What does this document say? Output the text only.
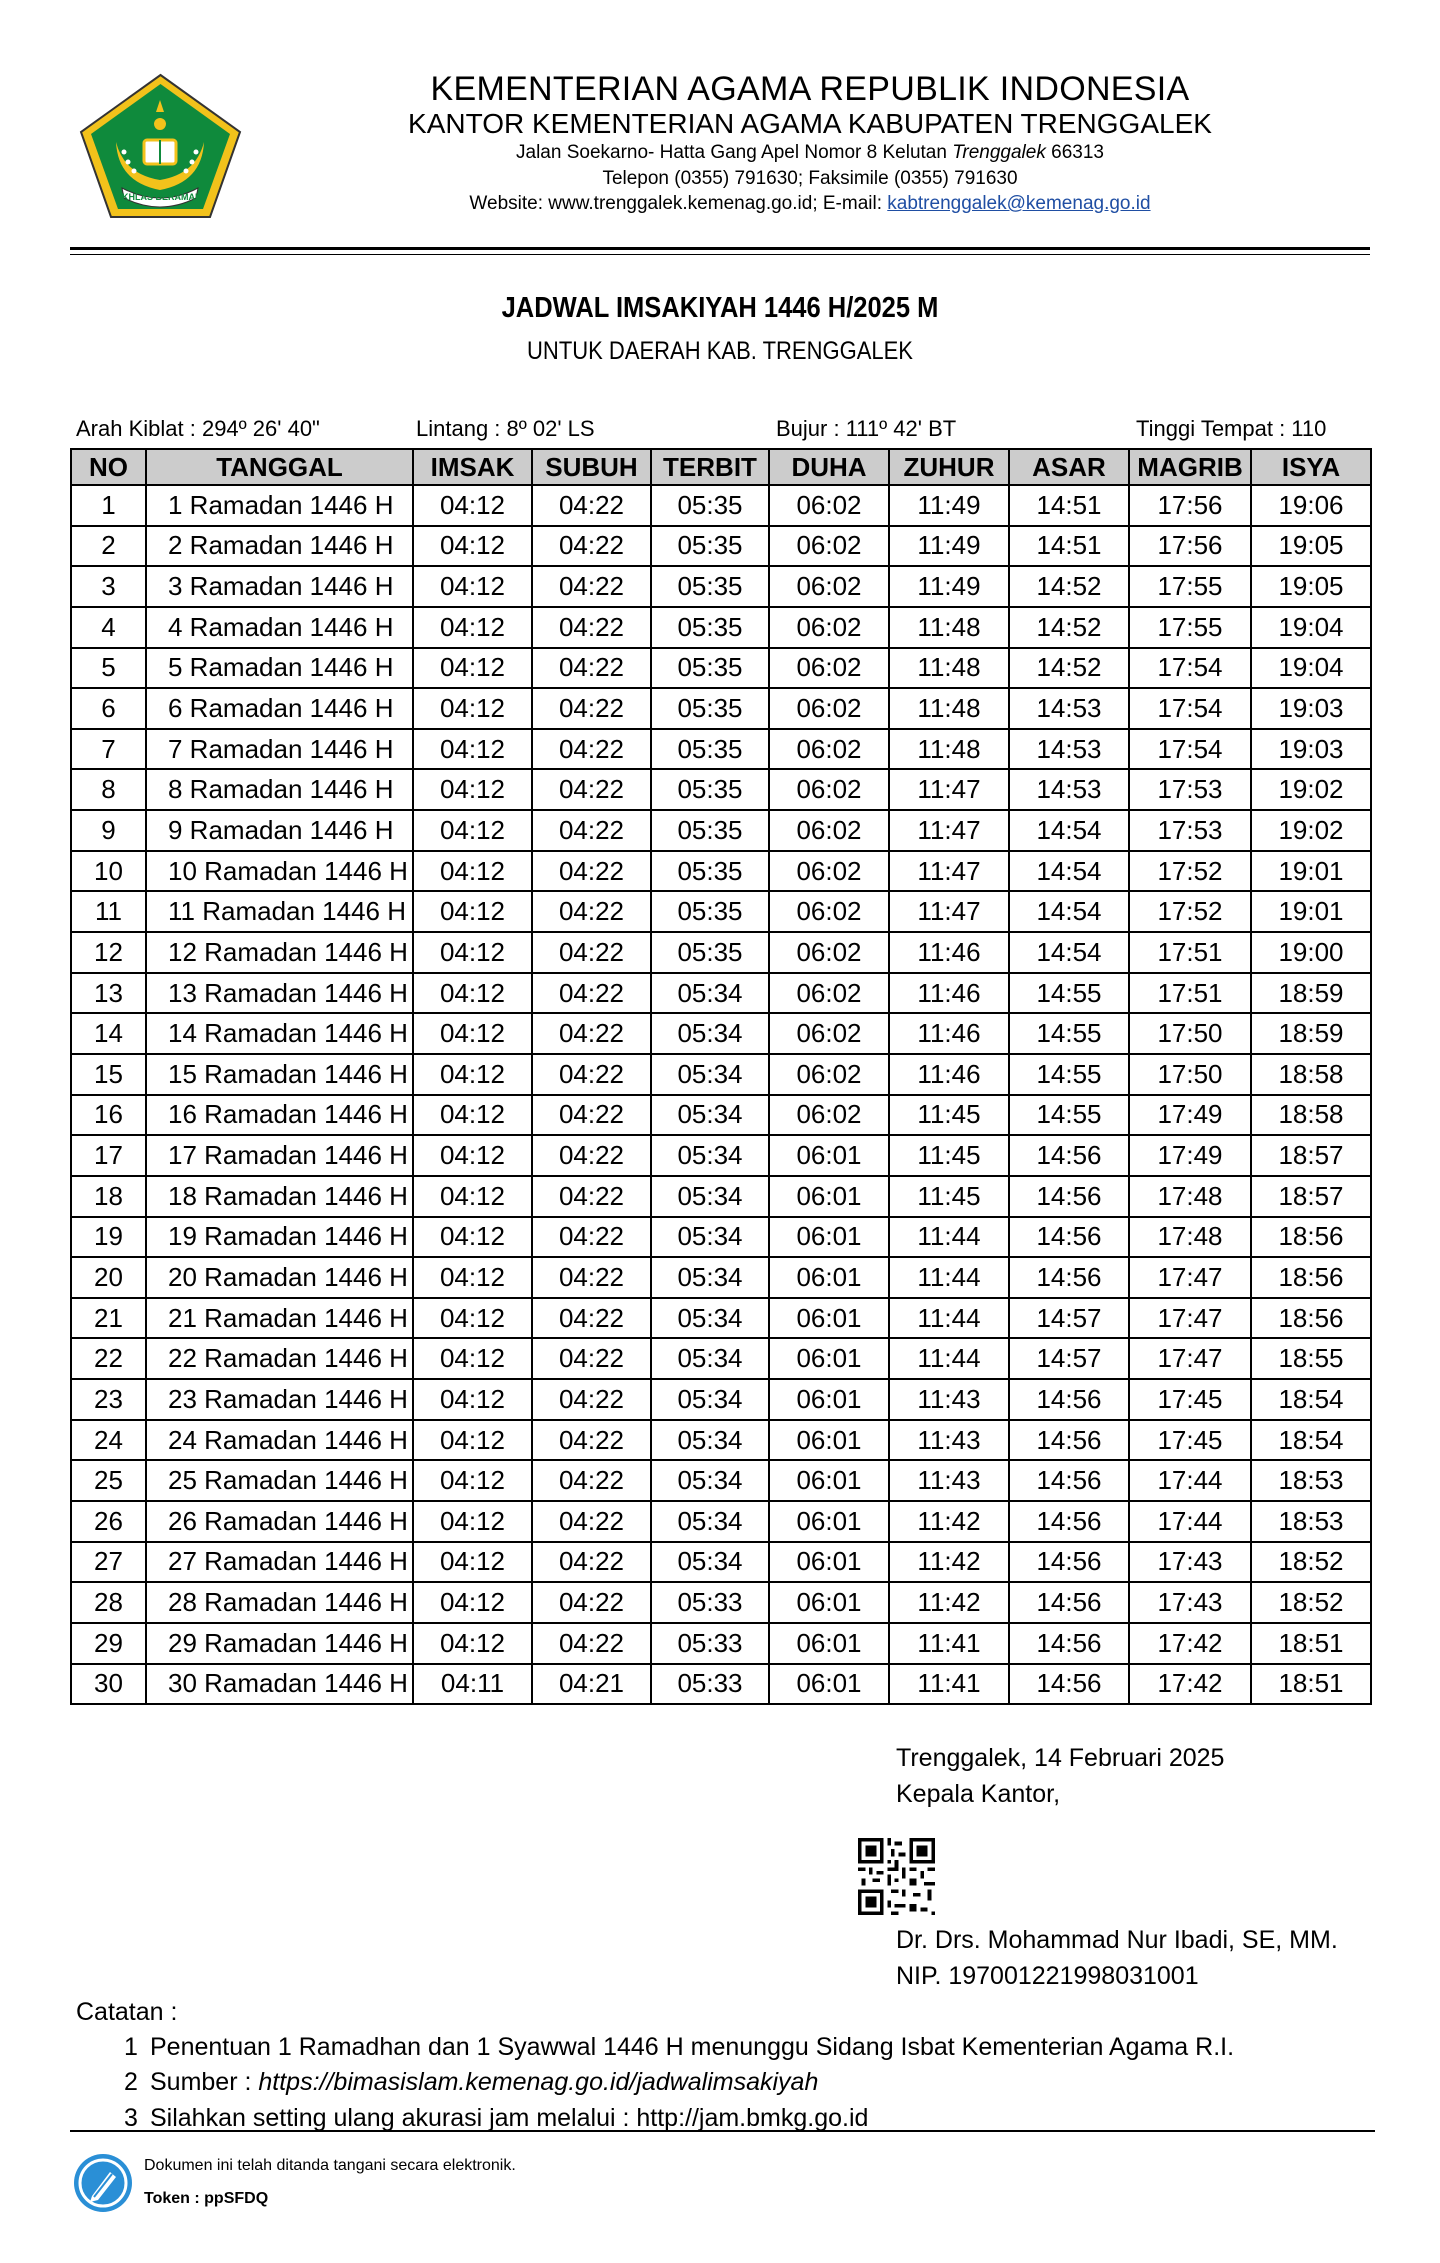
IKHLAS BERAMAL
KEMENTERIAN AGAMA REPUBLIK INDONESIA
KANTOR KEMENTERIAN AGAMA KABUPATEN TRENGGALEK
Jalan Soekarno- Hatta Gang Apel Nomor 8 Kelutan Trenggalek 66313
Telepon (0355) 791630; Faksimile (0355) 791630
Website: www.trenggalek.kemenag.go.id; E-mail: kabtrenggalek@kemenag.go.id
JADWAL IMSAKIYAH 1446 H/2025 M
UNTUK DAERAH KAB. TRENGGALEK
Arah Kiblat : 294º 26' 40"	Lintang : 8º 02' LS	Bujur : 111º 42' BT	Tinggi Tempat : 110
NO	TANGGAL	IMSAK	SUBUH	TERBIT	DUHA	ZUHUR	ASAR	MAGRIB	ISYA
1	1 Ramadan 1446 H	04:12	04:22	05:35	06:02	11:49	14:51	17:56	19:06
2	2 Ramadan 1446 H	04:12	04:22	05:35	06:02	11:49	14:51	17:56	19:05
3	3 Ramadan 1446 H	04:12	04:22	05:35	06:02	11:49	14:52	17:55	19:05
4	4 Ramadan 1446 H	04:12	04:22	05:35	06:02	11:48	14:52	17:55	19:04
5	5 Ramadan 1446 H	04:12	04:22	05:35	06:02	11:48	14:52	17:54	19:04
6	6 Ramadan 1446 H	04:12	04:22	05:35	06:02	11:48	14:53	17:54	19:03
7	7 Ramadan 1446 H	04:12	04:22	05:35	06:02	11:48	14:53	17:54	19:03
8	8 Ramadan 1446 H	04:12	04:22	05:35	06:02	11:47	14:53	17:53	19:02
9	9 Ramadan 1446 H	04:12	04:22	05:35	06:02	11:47	14:54	17:53	19:02
10	10 Ramadan 1446 H	04:12	04:22	05:35	06:02	11:47	14:54	17:52	19:01
11	11 Ramadan 1446 H	04:12	04:22	05:35	06:02	11:47	14:54	17:52	19:01
12	12 Ramadan 1446 H	04:12	04:22	05:35	06:02	11:46	14:54	17:51	19:00
13	13 Ramadan 1446 H	04:12	04:22	05:34	06:02	11:46	14:55	17:51	18:59
14	14 Ramadan 1446 H	04:12	04:22	05:34	06:02	11:46	14:55	17:50	18:59
15	15 Ramadan 1446 H	04:12	04:22	05:34	06:02	11:46	14:55	17:50	18:58
16	16 Ramadan 1446 H	04:12	04:22	05:34	06:02	11:45	14:55	17:49	18:58
17	17 Ramadan 1446 H	04:12	04:22	05:34	06:01	11:45	14:56	17:49	18:57
18	18 Ramadan 1446 H	04:12	04:22	05:34	06:01	11:45	14:56	17:48	18:57
19	19 Ramadan 1446 H	04:12	04:22	05:34	06:01	11:44	14:56	17:48	18:56
20	20 Ramadan 1446 H	04:12	04:22	05:34	06:01	11:44	14:56	17:47	18:56
21	21 Ramadan 1446 H	04:12	04:22	05:34	06:01	11:44	14:57	17:47	18:56
22	22 Ramadan 1446 H	04:12	04:22	05:34	06:01	11:44	14:57	17:47	18:55
23	23 Ramadan 1446 H	04:12	04:22	05:34	06:01	11:43	14:56	17:45	18:54
24	24 Ramadan 1446 H	04:12	04:22	05:34	06:01	11:43	14:56	17:45	18:54
25	25 Ramadan 1446 H	04:12	04:22	05:34	06:01	11:43	14:56	17:44	18:53
26	26 Ramadan 1446 H	04:12	04:22	05:34	06:01	11:42	14:56	17:44	18:53
27	27 Ramadan 1446 H	04:12	04:22	05:34	06:01	11:42	14:56	17:43	18:52
28	28 Ramadan 1446 H	04:12	04:22	05:33	06:01	11:42	14:56	17:43	18:52
29	29 Ramadan 1446 H	04:12	04:22	05:33	06:01	11:41	14:56	17:42	18:51
30	30 Ramadan 1446 H	04:11	04:21	05:33	06:01	11:41	14:56	17:42	18:51
Trenggalek, 14 Februari 2025
Kepala Kantor,
Dr. Drs. Mohammad Nur Ibadi, SE, MM.
NIP. 197001221998031001
Catatan :
1 Penentuan 1 Ramadhan dan 1 Syawwal 1446 H menunggu Sidang Isbat Kementerian Agama R.I.
2 Sumber : https://bimasislam.kemenag.go.id/jadwalimsakiyah
3 Silahkan setting ulang akurasi jam melalui : http://jam.bmkg.go.id
Dokumen ini telah ditanda tangani secara elektronik.
Token : ppSFDQ
